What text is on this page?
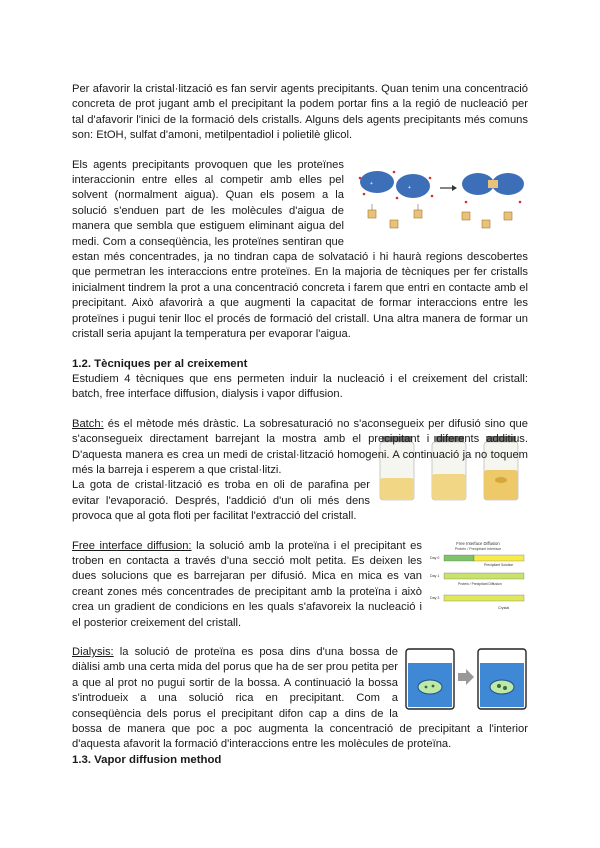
Per afavorir la cristal·lització es fan servir agents precipitants. Quan tenim una concentració concreta de prot jugant amb el precipitant la podem portar fins a la regió de nucleació per tal d'afavorir l'inici de la formació dels cristalls. Alguns dels agents precipitants més comuns son: EtOH, sulfat d'amoni, metilpentadiol i polietilè glicol.

+
+

Els agents precipitants provoquen que les proteïnes interaccionin entre elles al competir amb elles pel solvent (normalment aigua). Quan els posem a la solució s'enduen part de les molècules d'aigua de manera que sembla que estiguem eliminant aigua del medi. Com a conseqüència, les proteïnes sentiran que estan més concentrades, ja no tindran capa de solvatació i hi haurà regions descobertes que permetran les interaccions entre proteïnes. En la majoria de tècniques per fer cristalls inicialment tindrem la prot a una concentració concreta i farem que entri en contacte amb el precipitant. Això afavorirà a que augmenti la capacitat de formar interaccions entre les proteïnes i pugui tenir lloc el procés de formació del cristall. Una altra manera de formar un cristall seria apujant la temperatura per evaporar l'aigua.

1.2. Tècniques per al creixement

Estudiem 4 tècniques que ens permeten induir la nucleació i el creixement del cristall: batch, free interface diffusion, dialysis i vapor diffusion.

Batch: és el mètode més dràstic. La sobresaturació no s'aconsegueix per difusió sino que s'aconsegueix directament barrejant la mostra amb el precipitant i diferents additius. D'aquesta manera es crea un medi de cristal·lització homogeni. A continuació ja no toquem més la barreja i esperem a que cristal·litzi.

La gota de cristal·lització es troba en oli de parafina per evitar l'evaporació. Després, l'addició d'un oli més dens provoca que al gota floti per facilitat l'extracció del cristall.

Free Interface Diffusion
Protein / Precipitant Interface
Day 0
Precipitant Solution
Day 1
Protein / Precipitant Diffusion
Day 3
Crystal

Free interface diffusion: la solució amb la proteïna i el precipitant es troben en contacta a través d'una secció molt petita. Es deixen les dues solucions que es barrejaran per difusió. Mica en mica es van creant zones més concentrades de precipitant amb la proteïna i això crea un gradient de condicions en les quals s'afavoreix la nucleació i el posterior creixement del cristall.

Dialysis: la solució de proteïna es posa dins d'una bossa de diàlisi amb una certa mida del porus que ha de ser prou petita per a que al prot no pugui sortir de la bossa. A continuació la bossa s'introdueix a una solució rica en precipitant. Com a conseqüència dels porus el precipitant difon cap a dins de la bossa de manera que poc a poc augmenta la concentració de precipitant a l'interior d'aquesta afavorit la formació d'interaccions entre les molècules de proteïna.

1.3. Vapor diffusion method
